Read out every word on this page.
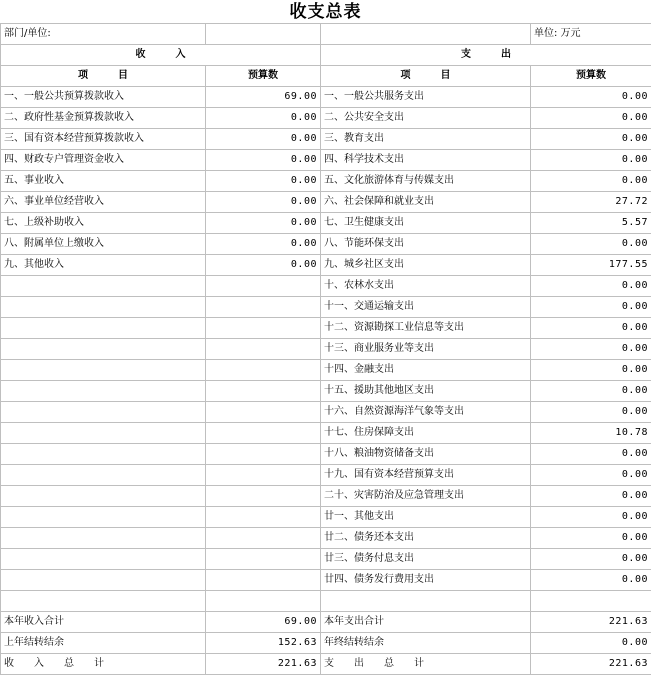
收支总表
部门/单位:			单位: 万元
收　　　入		支　　　出	
项　　　目	预算数	项　　　目	预算数
一、一般公共预算拨款收入	69.00	一、一般公共服务支出	0.00
二、政府性基金预算拨款收入	0.00	二、公共安全支出	0.00
三、国有资本经营预算拨款收入	0.00	三、教育支出	0.00
四、财政专户管理资金收入	0.00	四、科学技术支出	0.00
五、事业收入	0.00	五、文化旅游体育与传媒支出	0.00
六、事业单位经营收入	0.00	六、社会保障和就业支出	27.72
七、上级补助收入	0.00	七、卫生健康支出	5.57
八、附属单位上缴收入	0.00	八、节能环保支出	0.00
九、其他收入	0.00	九、城乡社区支出	177.55
		十、农林水支出	0.00
		十一、交通运输支出	0.00
		十二、资源勘探工业信息等支出	0.00
		十三、商业服务业等支出	0.00
		十四、金融支出	0.00
		十五、援助其他地区支出	0.00
		十六、自然资源海洋气象等支出	0.00
		十七、住房保障支出	10.78
		十八、粮油物资储备支出	0.00
		十九、国有资本经营预算支出	0.00
		二十、灾害防治及应急管理支出	0.00
		廿一、其他支出	0.00
		廿二、债务还本支出	0.00
		廿三、债务付息支出	0.00
		廿四、债务发行费用支出	0.00

本年收入合计	69.00	本年支出合计	221.63
上年结转结余	152.63	年终结转结余	0.00
收　　入　　总　　计	221.63	支　　出　　总　　计	221.63
